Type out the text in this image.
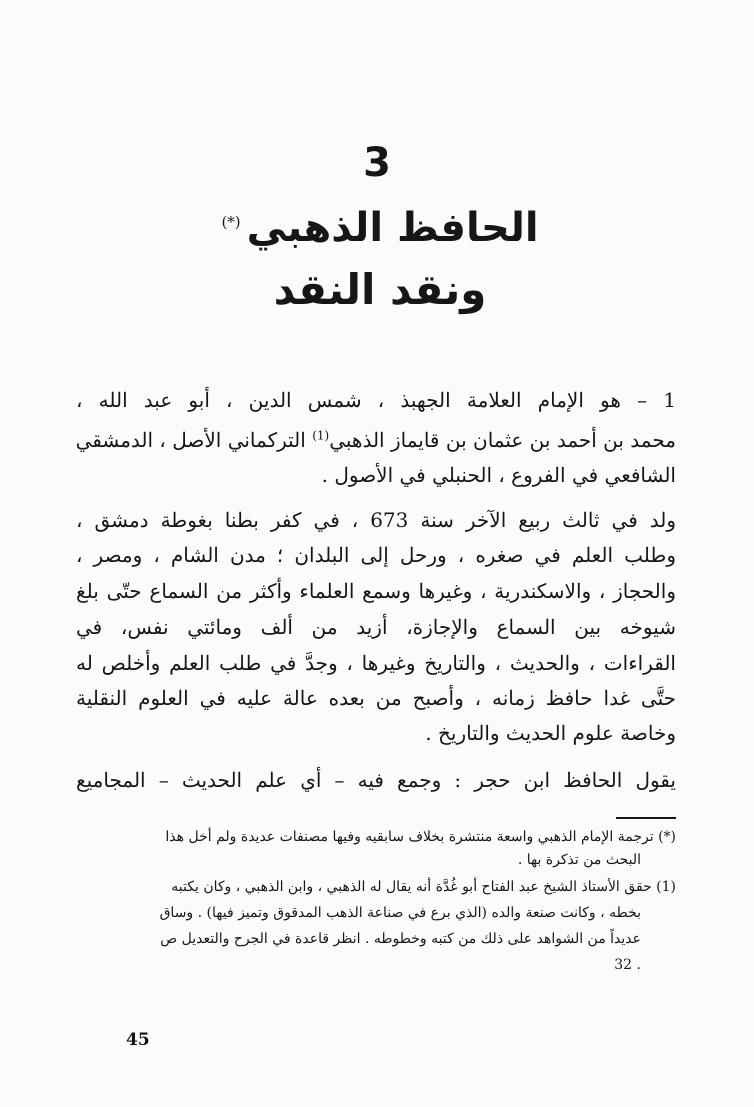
3
الحافظ الذهبي(*)
ونقد النقد
1 – هو الإمام العلامة الجهبذ ، شمس الدين ، أبو عبد الله ،
محمد بن أحمد بن عثمان بن قايماز الذهبي$^{(1)}$ التركماني الأصل ، الدمشقي
الشافعي في الفروع ، الحنبلي في الأصول .
ولد في ثالث ربيع الآخر سنة 673 ، في كفر بطنا بغوطة دمشق ،
وطلب العلم في صغره ، ورحل إلى البلدان ؛ مدن الشام ، ومصر ،
والحجاز ، والاسكندرية ، وغيرها وسمع العلماء وأكثر من السماع حتّى بلغ
شيوخه بين السماع والإجازة، أزيد من ألف ومائتي نفس، في
القراءات ، والحديث ، والتاريخ وغيرها ، وجدَّ في طلب العلم وأخلص له
حتَّى غدا حافظ زمانه ، وأصبح من بعده عالة عليه في العلوم النقلية
وخاصة علوم الحديث والتاريخ .
يقول الحافظ ابن حجر : وجمع فيه – أي علم الحديث – المجاميع
(*) ترجمة الإمام الذهبي واسعة منتشرة بخلاف سابقيه وفيها مصنفات عديدة ولم أخل هذا
البحث من تذكرة بها .
(1) حقق الأستاذ الشيخ عبد الفتاح أبو غُدَّة أنه يقال له الذهبي ، وابن الذهبي ، وكان يكتبه
بخطه ، وكانت صنعة والده (الذي برع في صناعة الذهب المدقوق وتميز فيها) . وساق
عديداً من الشواهد على ذلك من كتبه وخطوطه . انظر قاعدة في الجرح والتعديل ص
. 32
45
